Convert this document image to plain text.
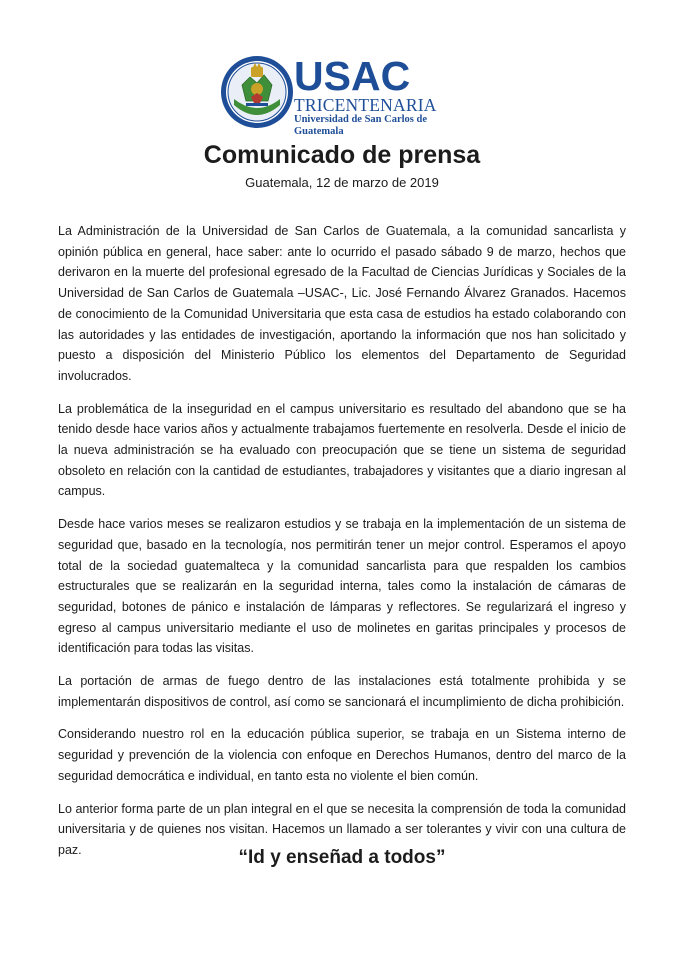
USAC
TRICENTENARIA
Universidad de San Carlos de Guatemala
Comunicado de prensa
Guatemala, 12 de marzo de 2019

La Administración de la Universidad de San Carlos de Guatemala, a la comunidad sancarlista y opinión pública en general, hace saber: ante lo ocurrido el pasado sábado 9 de marzo, hechos que derivaron en la muerte del profesional egresado de la Facultad de Ciencias Jurídicas y Sociales de la Universidad de San Carlos de Guatemala –USAC-, Lic. José Fernando Álvarez Granados. Hacemos de conocimiento de la Comunidad Universitaria que esta casa de estudios ha estado colaborando con las autoridades y las entidades de investigación, aportando la información que nos han solicitado y puesto a disposición del Ministerio Público los elementos del Departamento de Seguridad involucrados.

La problemática de la inseguridad en el campus universitario es resultado del abandono que se ha tenido desde hace varios años y actualmente trabajamos fuertemente en resolverla. Desde el inicio de la nueva administración se ha evaluado con preocupación que se tiene un sistema de seguridad obsoleto en relación con la cantidad de estudiantes, trabajadores y visitantes que a diario ingresan al campus.

Desde hace varios meses se realizaron estudios y se trabaja en la implementación de un sistema de seguridad que, basado en la tecnología, nos permitirán tener un mejor control. Esperamos el apoyo total de la sociedad guatemalteca y la comunidad sancarlista para que respalden los cambios estructurales que se realizarán en la seguridad interna, tales como la instalación de cámaras de seguridad, botones de pánico e instalación de lámparas y reflectores. Se regularizará el ingreso y egreso al campus universitario mediante el uso de molinetes en garitas principales y procesos de identificación para todas las visitas.

La portación de armas de fuego dentro de las instalaciones está totalmente prohibida y se implementarán dispositivos de control, así como se sancionará el incumplimiento de dicha prohibición.

Considerando nuestro rol en la educación pública superior, se trabaja en un Sistema interno de seguridad y prevención de la violencia con enfoque en Derechos Humanos, dentro del marco de la seguridad democrática e individual, en tanto esta no violente el bien común.

Lo anterior forma parte de un plan integral en el que se necesita la comprensión de toda la comunidad universitaria y de quienes nos visitan. Hacemos un llamado a ser tolerantes y vivir con una cultura de paz.	“Id y enseñad a todos”
